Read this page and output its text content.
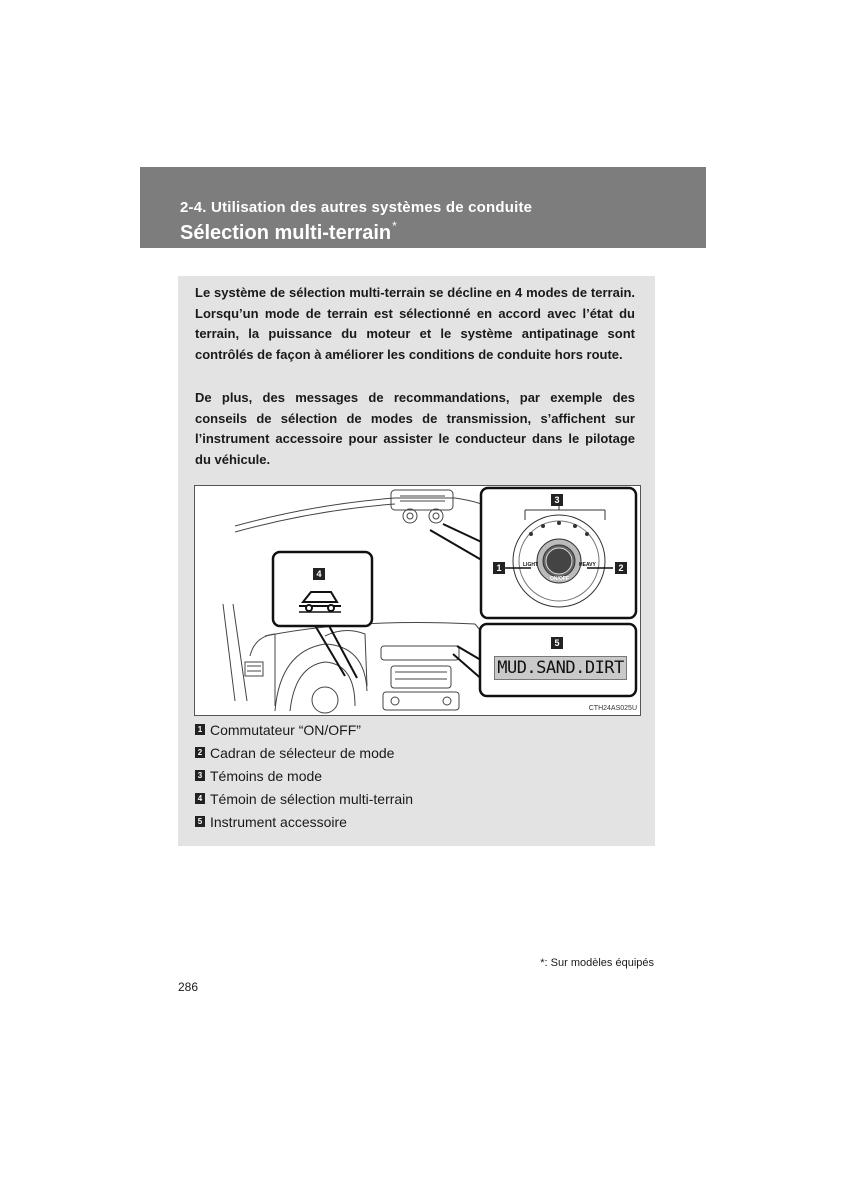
2-4. Utilisation des autres systèmes de conduite
Sélection multi-terrain*

Le système de sélection multi-terrain se décline en 4 modes de terrain. Lorsqu’un mode de terrain est sélectionné en accord avec l’état du terrain, la puissance du moteur et le système antipatinage sont contrôlés de façon à améliorer les conditions de conduite hors route.

De plus, des messages de recommandations, par exemple des conseils de sélection de modes de transmission, s’affichent sur l’instrument accessoire pour assister le conducteur dans le pilotage du véhicule.

3
1	2
4
5
LIGHT	HEAVY
ON/OFF
MUD.SAND.DIRT
CTH24AS025U
1 Commutateur “ON/OFF”
2 Cadran de sélecteur de mode
3 Témoins de mode
4 Témoin de sélection multi-terrain
5 Instrument accessoire
*: Sur modèles équipés
286
